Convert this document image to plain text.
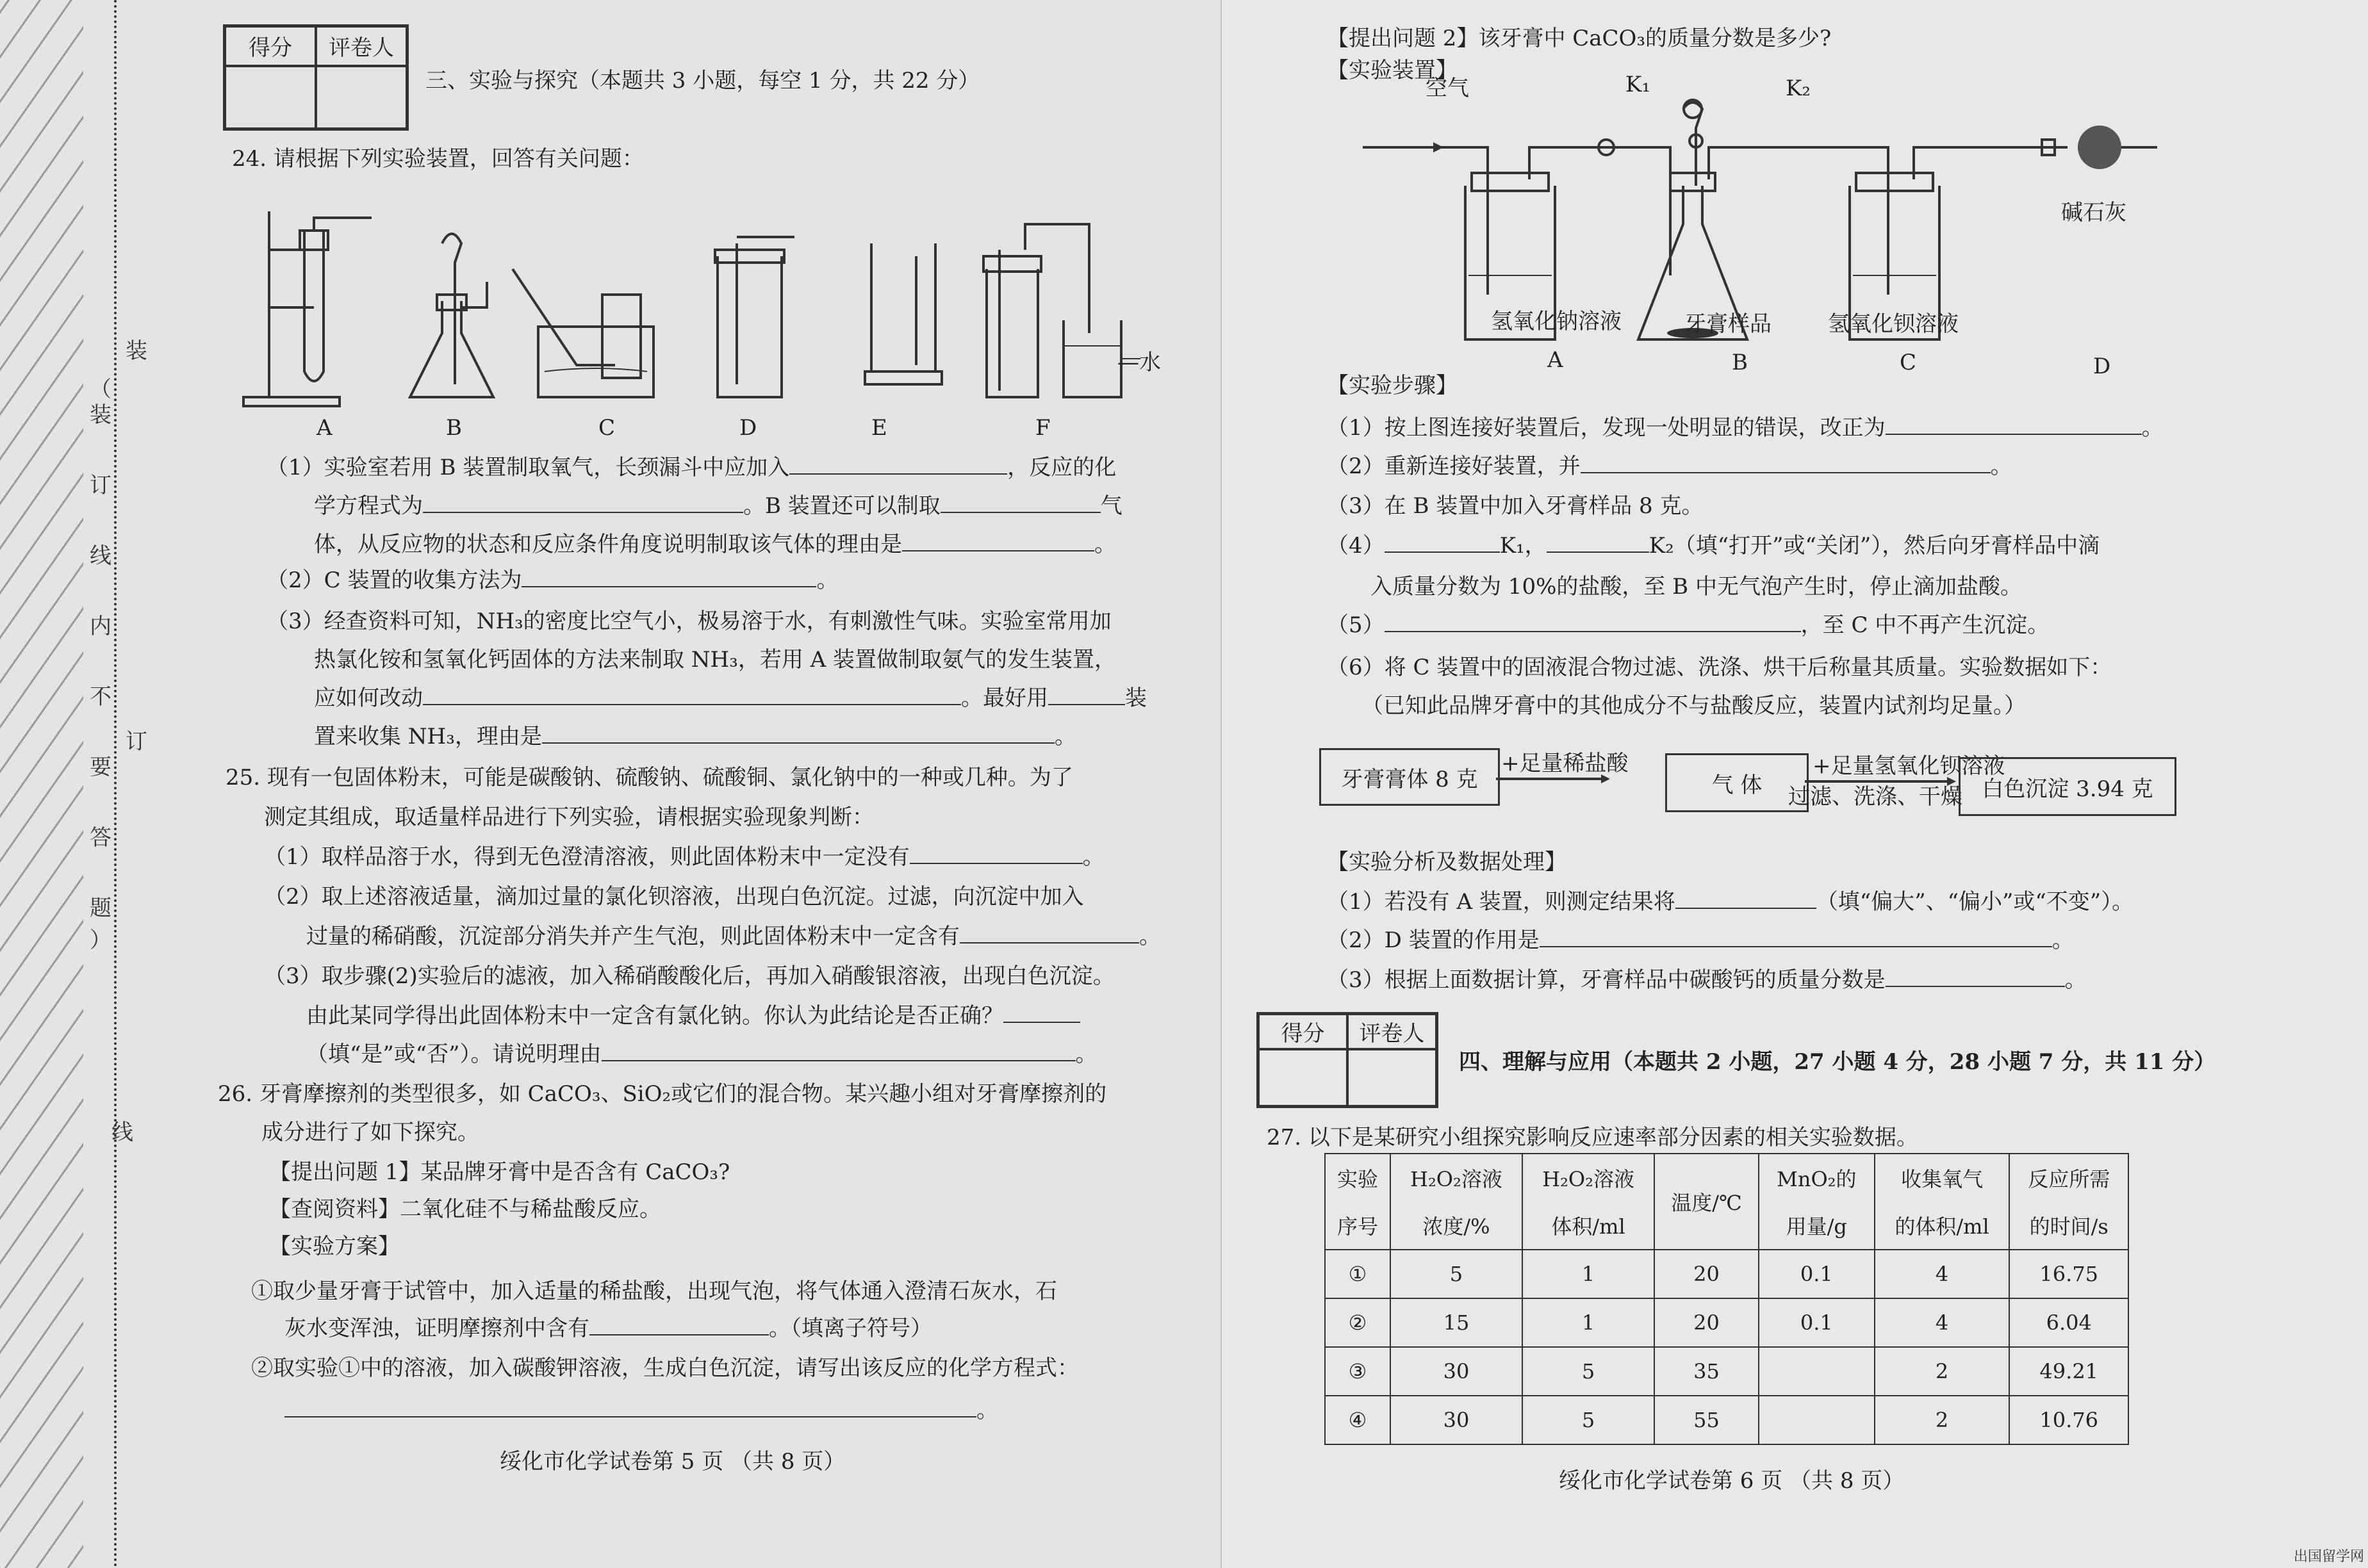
装
（
装
订
线
内
不
订
要
答
题
）
线
得分	评卷人
三、实验与探究（本题共 3 小题，每空 1 分，共 22 分）
24. 请根据下列实验装置，回答有关问题：
—水
A	B	C	D	E	F
（1）实验室若用 B 装置制取氧气，长颈漏斗中应加入	，反应的化
学方程式为	。B 装置还可以制取	气
体，从反应物的状态和反应条件角度说明制取该气体的理由是	。
（2）C 装置的收集方法为	。
（3）经查资料可知，NH₃的密度比空气小，极易溶于水，有刺激性气味。实验室常用加
热氯化铵和氢氧化钙固体的方法来制取 NH₃，若用 A 装置做制取氨气的发生装置，
应如何改动	。最好用	装
置来收集 NH₃，理由是	。
25. 现有一包固体粉末，可能是碳酸钠、硫酸钠、硫酸铜、氯化钠中的一种或几种。为了
测定其组成，取适量样品进行下列实验，请根据实验现象判断：
（1）取样品溶于水，得到无色澄清溶液，则此固体粉末中一定没有	。
（2）取上述溶液适量，滴加过量的氯化钡溶液，出现白色沉淀。过滤，向沉淀中加入
过量的稀硝酸，沉淀部分消失并产生气泡，则此固体粉末中一定含有	。
（3）取步骤(2)实验后的滤液，加入稀硝酸酸化后，再加入硝酸银溶液，出现白色沉淀。
由此某同学得出此固体粉末中一定含有氯化钠。你认为此结论是否正确？
（填“是”或“否”）。请说明理由	。
26. 牙膏摩擦剂的类型很多，如 CaCO₃、SiO₂或它们的混合物。某兴趣小组对牙膏摩擦剂的
成分进行了如下探究。
【提出问题 1】某品牌牙膏中是否含有 CaCO₃?
【查阅资料】二氧化硅不与稀盐酸反应。
【实验方案】
①取少量牙膏于试管中，加入适量的稀盐酸，出现气泡，将气体通入澄清石灰水，石
灰水变浑浊，证明摩擦剂中含有	。（填离子符号）
②取实验①中的溶液，加入碳酸钾溶液，生成白色沉淀，请写出该反应的化学方程式：
。
绥化市化学试卷第 5 页 （共 8 页）
【提出问题 2】该牙膏中 CaCO₃的质量分数是多少?
【实验装置】
空气	K₁	K₂
碱石灰
氢氧化钠溶液	牙膏样品	氢氧化钡溶液
A	B	C	D
【实验步骤】
（1）按上图连接好装置后，发现一处明显的错误，改正为	。
（2）重新连接好装置，并	。
（3）在 B 装置中加入牙膏样品 8 克。
（4）	K₁，	K₂（填“打开”或“关闭”），然后向牙膏样品中滴
入质量分数为 10%的盐酸，至 B 中无气泡产生时，停止滴加盐酸。
（5）	，至 C 中不再产生沉淀。
（6）将 C 装置中的固液混合物过滤、洗涤、烘干后称量其质量。实验数据如下：
（已知此品牌牙膏中的其他成分不与盐酸反应，装置内试剂均足量。）
牙膏膏体 8 克
+足量稀盐酸
气 体
+足量氢氧化钡溶液
过滤、洗涤、干燥 白色沉淀 3.94 克
【实验分析及数据处理】
（1）若没有 A 装置，则测定结果将	（填“偏大”、“偏小”或“不变”）。
（2）D 装置的作用是	。
（3）根据上面数据计算，牙膏样品中碳酸钙的质量分数是	。
得分	评卷人
四、理解与应用（本题共 2 小题，27 小题 4 分，28 小题 7 分，共 11 分）
27. 以下是某研究小组探究影响反应速率部分因素的相关实验数据。
实验	H₂O₂溶液	H₂O₂溶液	温度/℃	MnO₂的	收集氧气	反应所需
序号	浓度/%	体积/ml		用量/g	的体积/ml	的时间/s
①	5	1	20	0.1	4	16.75
②	15	1	20	0.1	4	6.04
③	30	5	35		2	49.21
④	30	5	55		2	10.76
绥化市化学试卷第 6 页 （共 8 页）
出国留学网
